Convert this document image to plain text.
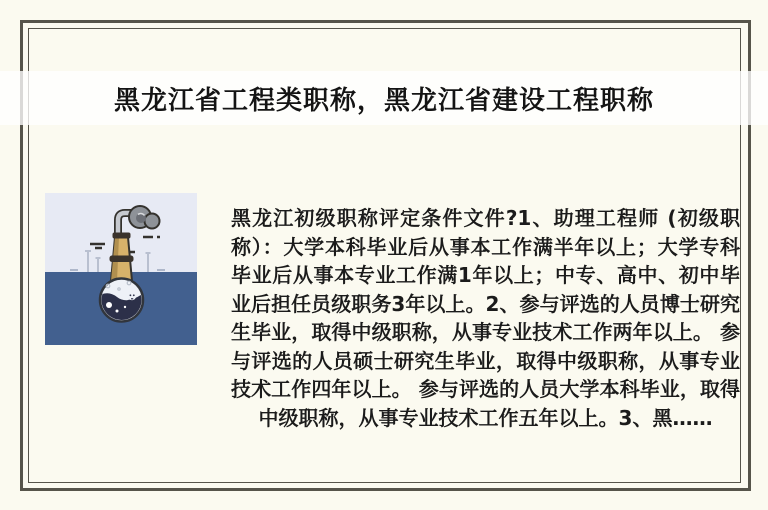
黑龙江省工程类职称，黑龙江省建设工程职称
黑龙江初级职称评定条件文件?1、助理工程师 (初级职称）：大学本科毕业后从事本工作满半年以上；大学专科毕业后从事本专业工作满1年以上；中专、高中、初中毕业后担任员级职务3年以上。2、参与评选的人员博士研究生毕业，取得中级职称，从事专业技术工作两年以上。 参与评选的人员硕士研究生毕业，取得中级职称，从事专业技术工作四年以上。 参与评选的人员大学本科毕业，取得中级职称，从事专业技术工作五年以上。3、黑……
